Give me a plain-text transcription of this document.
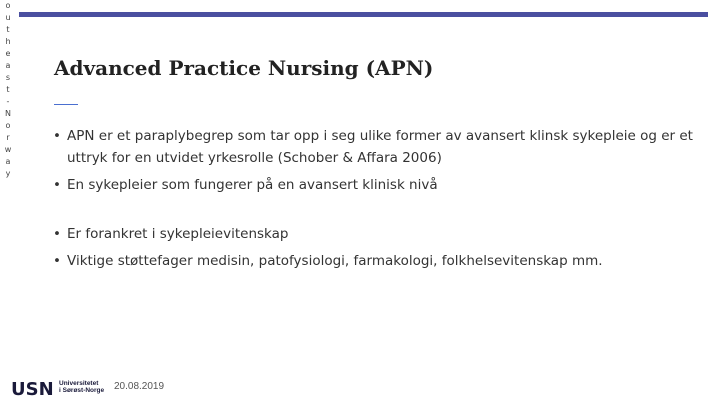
o
u
t
h
e
a
s
t
-
N
o
r
w
a
y
Advanced Practice Nursing (APN)
• APN er et paraplybegrep som tar opp i seg ulike former av avansert klinsk sykepleie og er et uttryk for en utvidet yrkesrolle (Schober & Affara 2006)
• En sykepleier som fungerer på en avansert klinisk nivå
• Er forankret i sykepleievitenskap
• Viktige støttefager medisin, patofysiologi, farmakologi, folkhelsevitenskap mm.
USN Universitetet
i Sørøst-Norge 20.08.2019
